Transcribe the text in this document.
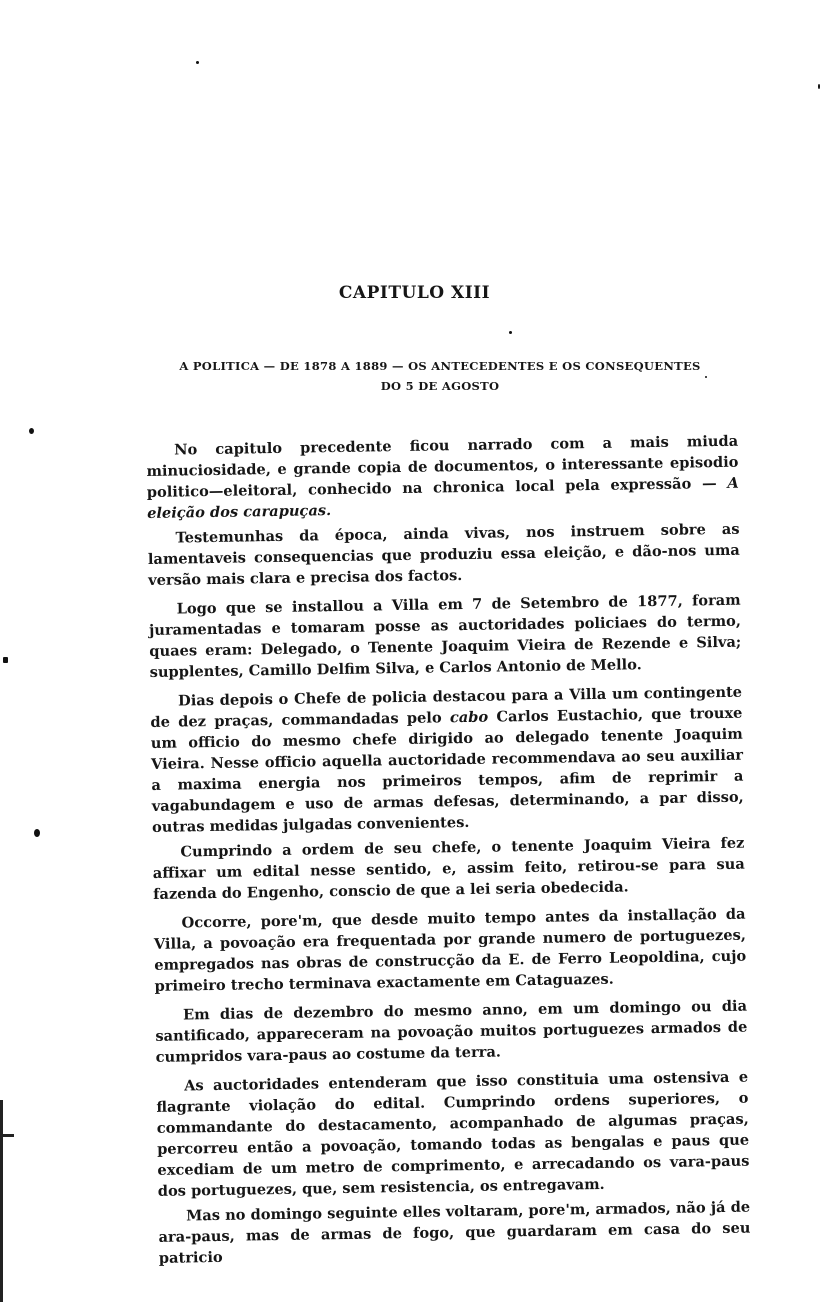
CAPITULO XIII
A POLITICA — DE 1878 A 1889 — OS ANTECEDENTES E OS CONSEQUENTES
DO 5 DE AGOSTO

No capitulo precedente ficou narrado com a mais miuda minuciosidade, e grande copia de documentos, o interessante episodio politico—eleitoral, conhecido na chronica local pela expressão — A eleição dos carapuças.

Testemunhas da época, ainda vivas, nos instruem sobre as lamentaveis consequencias que produziu essa eleição, e dão-nos uma versão mais clara e precisa dos factos.

Logo que se installou a Villa em 7 de Setembro de 1877, foram juramentadas e tomaram posse as auctoridades policiaes do termo, quaes eram: Delegado, o Tenente Joaquim Vieira de Rezende e Silva; supplentes, Camillo Delfim Silva, e Carlos Antonio de Mello.

Dias depois o Chefe de policia destacou para a Villa um contingente de dez praças, commandadas pelo cabo Carlos Eustachio, que trouxe um officio do mesmo chefe dirigido ao delegado tenente Joaquim Vieira. Nesse officio aquella auctoridade recommendava ao seu auxiliar a maxima energia nos primeiros tempos, afim de reprimir a vagabundagem e uso de armas defesas, determinando, a par disso, outras medidas julgadas convenientes.

Cumprindo a ordem de seu chefe, o tenente Joaquim Vieira fez affixar um edital nesse sentido, e, assim feito, retirou-se para sua fazenda do Engenho, conscio de que a lei seria obedecida.

Occorre, pore'm, que desde muito tempo antes da installação da Villa, a povoação era frequentada por grande numero de portuguezes, empregados nas obras de construcção da E. de Ferro Leopoldina, cujo primeiro trecho terminava exactamente em Cataguazes.

Em dias de dezembro do mesmo anno, em um domingo ou dia santificado, appareceram na povoação muitos portuguezes armados de cumpridos vara-paus ao costume da terra.

As auctoridades entenderam que isso constituia uma ostensiva e flagrante violação do edital. Cumprindo ordens superiores, o commandante do destacamento, acompanhado de algumas praças, percorreu então a povoação, tomando todas as bengalas e paus que excediam de um metro de comprimento, e arrecadando os vara-paus dos portuguezes, que, sem resistencia, os entregavam.

Mas no domingo seguinte elles voltaram, pore'm, armados, não já de ara-paus, mas de armas de fogo, que guardaram em casa do seu patricio
